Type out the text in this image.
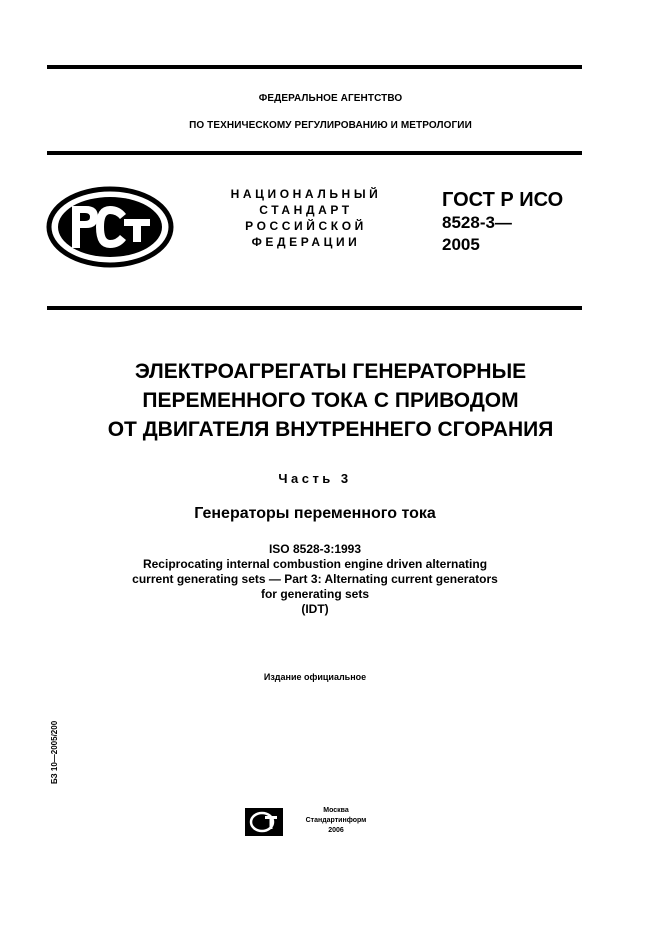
ФЕДЕРАЛЬНОЕ АГЕНТСТВО
ПО ТЕХНИЧЕСКОМУ РЕГУЛИРОВАНИЮ И МЕТРОЛОГИИ
НАЦИОНАЛЬНЫЙ
СТАНДАРТ
РОССИЙСКОЙ
ФЕДЕРАЦИИ
ГОСТ Р ИСО
8528-3—
2005
ЭЛЕКТРОАГРЕГАТЫ ГЕНЕРАТОРНЫЕ
ПЕРЕМЕННОГО ТОКА С ПРИВОДОМ
ОТ ДВИГАТЕЛЯ ВНУТРЕННЕГО СГОРАНИЯ
Часть 3
Генераторы переменного тока
ISO 8528-3:1993
Reciprocating internal combustion engine driven alternating
current generating sets — Part 3: Alternating current generators
for generating sets
(IDT)
Издание официальное
БЗ 10—2005/200
Москва
Стандартинформ
2006
